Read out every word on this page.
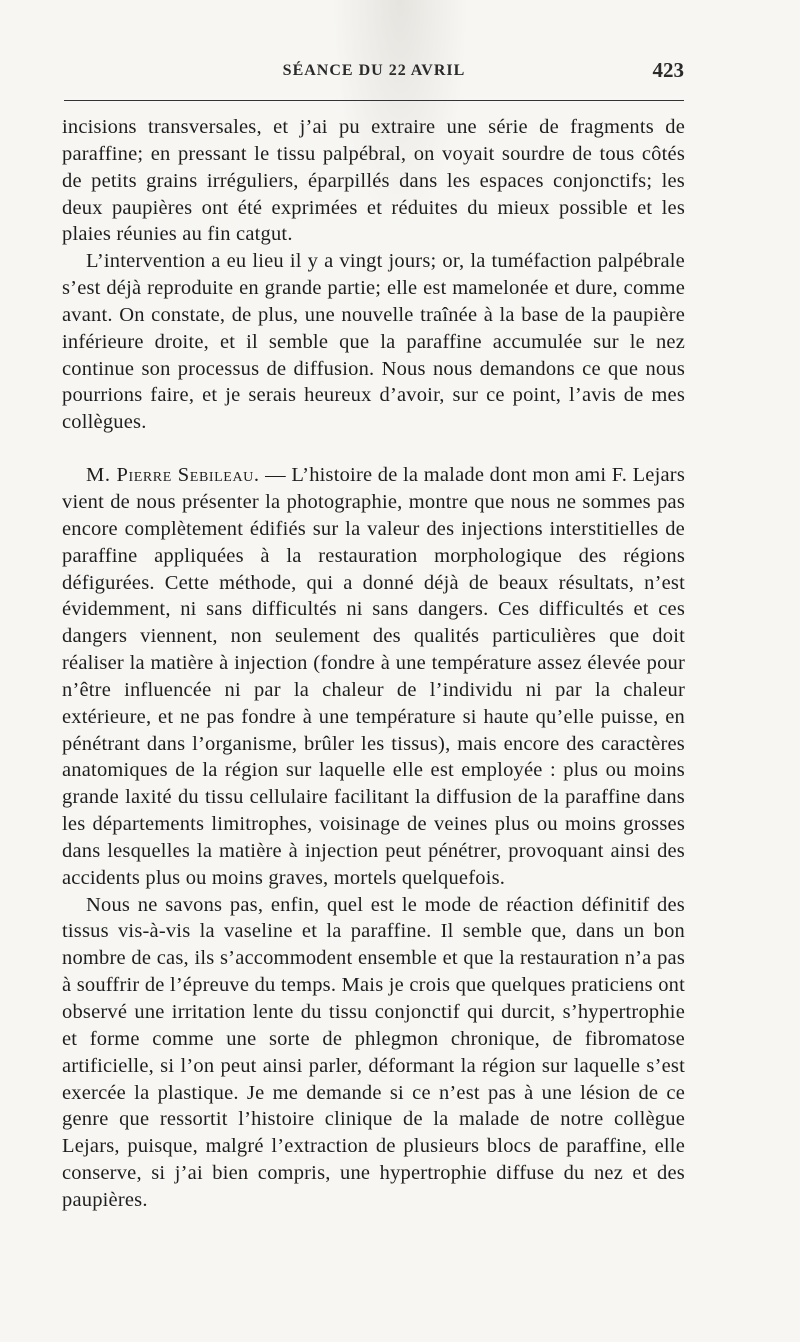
SÉANCE DU 22 AVRIL	423

incisions transversales, et j’ai pu extraire une série de fragments de paraffine; en pressant le tissu palpébral, on voyait sourdre de tous côtés de petits grains irréguliers, éparpillés dans les espaces conjonctifs; les deux paupières ont été exprimées et réduites du mieux possible et les plaies réunies au fin catgut.

L’intervention a eu lieu il y a vingt jours; or, la tuméfaction palpébrale s’est déjà reproduite en grande partie; elle est mamelonée et dure, comme avant. On constate, de plus, une nouvelle traînée à la base de la paupière inférieure droite, et il semble que la paraffine accumulée sur le nez continue son processus de diffusion. Nous nous demandons ce que nous pourrions faire, et je serais heureux d’avoir, sur ce point, l’avis de mes collègues.

M. Pierre Sebileau. — L’histoire de la malade dont mon ami F. Lejars vient de nous présenter la photographie, montre que nous ne sommes pas encore complètement édifiés sur la valeur des injections interstitielles de paraffine appliquées à la restauration morphologique des régions défigurées. Cette méthode, qui a donné déjà de beaux résultats, n’est évidemment, ni sans difficultés ni sans dangers. Ces difficultés et ces dangers viennent, non seulement des qualités particulières que doit réaliser la matière à injection (fondre à une température assez élevée pour n’être influencée ni par la chaleur de l’individu ni par la chaleur extérieure, et ne pas fondre à une température si haute qu’elle puisse, en pénétrant dans l’organisme, brûler les tissus), mais encore des caractères anatomiques de la région sur laquelle elle est employée : plus ou moins grande laxité du tissu cellulaire facilitant la diffusion de la paraffine dans les départements limitrophes, voisinage de veines plus ou moins grosses dans lesquelles la matière à injection peut pénétrer, provoquant ainsi des accidents plus ou moins graves, mortels quelquefois.

Nous ne savons pas, enfin, quel est le mode de réaction définitif des tissus vis-à-vis la vaseline et la paraffine. Il semble que, dans un bon nombre de cas, ils s’accommodent ensemble et que la restauration n’a pas à souffrir de l’épreuve du temps. Mais je crois que quelques praticiens ont observé une irritation lente du tissu conjonctif qui durcit, s’hypertrophie et forme comme une sorte de phlegmon chronique, de fibromatose artificielle, si l’on peut ainsi parler, déformant la région sur laquelle s’est exercée la plastique. Je me demande si ce n’est pas à une lésion de ce genre que ressortit l’histoire clinique de la malade de notre collègue Lejars, puisque, malgré l’extraction de plusieurs blocs de paraffine, elle conserve, si j’ai bien compris, une hypertrophie diffuse du nez et des paupières.
